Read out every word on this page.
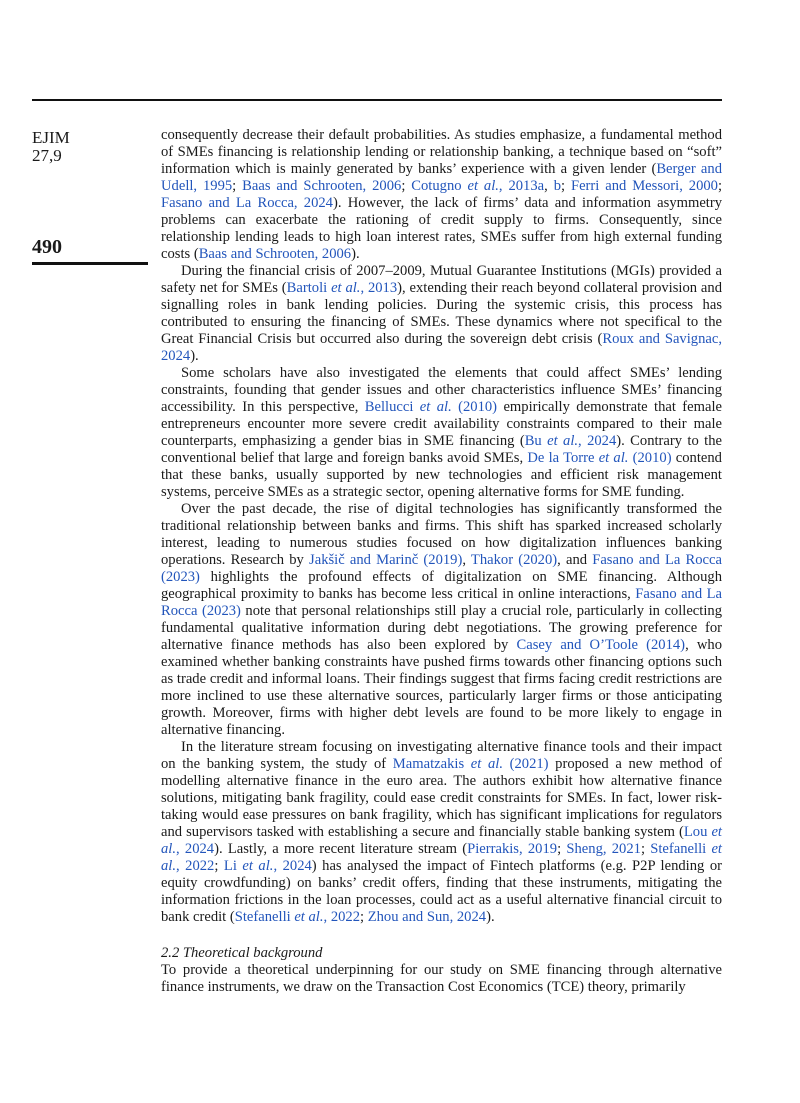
EJIM
27,9
490

consequently decrease their default probabilities. As studies emphasize, a fundamental method of SMEs financing is relationship lending or relationship banking, a technique based on “soft” information which is mainly generated by banks’ experience with a given lender (Berger and Udell, 1995; Baas and Schrooten, 2006; Cotugno et al., 2013a, b; Ferri and Messori, 2000; Fasano and La Rocca, 2024). However, the lack of firms’ data and information asymmetry problems can exacerbate the rationing of credit supply to firms. Consequently, since relationship lending leads to high loan interest rates, SMEs suffer from high external funding costs (Baas and Schrooten, 2006).

During the financial crisis of 2007–2009, Mutual Guarantee Institutions (MGIs) provided a safety net for SMEs (Bartoli et al., 2013), extending their reach beyond collateral provision and signalling roles in bank lending policies. During the systemic crisis, this process has contributed to ensuring the financing of SMEs. These dynamics where not specifical to the Great Financial Crisis but occurred also during the sovereign debt crisis (Roux and Savignac, 2024).

Some scholars have also investigated the elements that could affect SMEs’ lending constraints, founding that gender issues and other characteristics influence SMEs’ financing accessibility. In this perspective, Bellucci et al. (2010) empirically demonstrate that female entrepreneurs encounter more severe credit availability constraints compared to their male counterparts, emphasizing a gender bias in SME financing (Bu et al., 2024). Contrary to the conventional belief that large and foreign banks avoid SMEs, De la Torre et al. (2010) contend that these banks, usually supported by new technologies and efficient risk management systems, perceive SMEs as a strategic sector, opening alternative forms for SME funding.

Over the past decade, the rise of digital technologies has significantly transformed the traditional relationship between banks and firms. This shift has sparked increased scholarly interest, leading to numerous studies focused on how digitalization influences banking operations. Research by Jakšič and Marinč (2019), Thakor (2020), and Fasano and La Rocca (2023) highlights the profound effects of digitalization on SME financing. Although geographical proximity to banks has become less critical in online interactions, Fasano and La Rocca (2023) note that personal relationships still play a crucial role, particularly in collecting fundamental qualitative information during debt negotiations. The growing preference for alternative finance methods has also been explored by Casey and O’Toole (2014), who examined whether banking constraints have pushed firms towards other financing options such as trade credit and informal loans. Their findings suggest that firms facing credit restrictions are more inclined to use these alternative sources, particularly larger firms or those anticipating growth. Moreover, firms with higher debt levels are found to be more likely to engage in alternative financing.

In the literature stream focusing on investigating alternative finance tools and their impact on the banking system, the study of Mamatzakis et al. (2021) proposed a new method of modelling alternative finance in the euro area. The authors exhibit how alternative finance solutions, mitigating bank fragility, could ease credit constraints for SMEs. In fact, lower risk-taking would ease pressures on bank fragility, which has significant implications for regulators and supervisors tasked with establishing a secure and financially stable banking system (Lou et al., 2024). Lastly, a more recent literature stream (Pierrakis, 2019; Sheng, 2021; Stefanelli et al., 2022; Li et al., 2024) has analysed the impact of Fintech platforms (e.g. P2P lending or equity crowdfunding) on banks’ credit offers, finding that these instruments, mitigating the information frictions in the loan processes, could act as a useful alternative financial circuit to bank credit (Stefanelli et al., 2022; Zhou and Sun, 2024).

2.2 Theoretical background

To provide a theoretical underpinning for our study on SME financing through alternative finance instruments, we draw on the Transaction Cost Economics (TCE) theory, primarily
